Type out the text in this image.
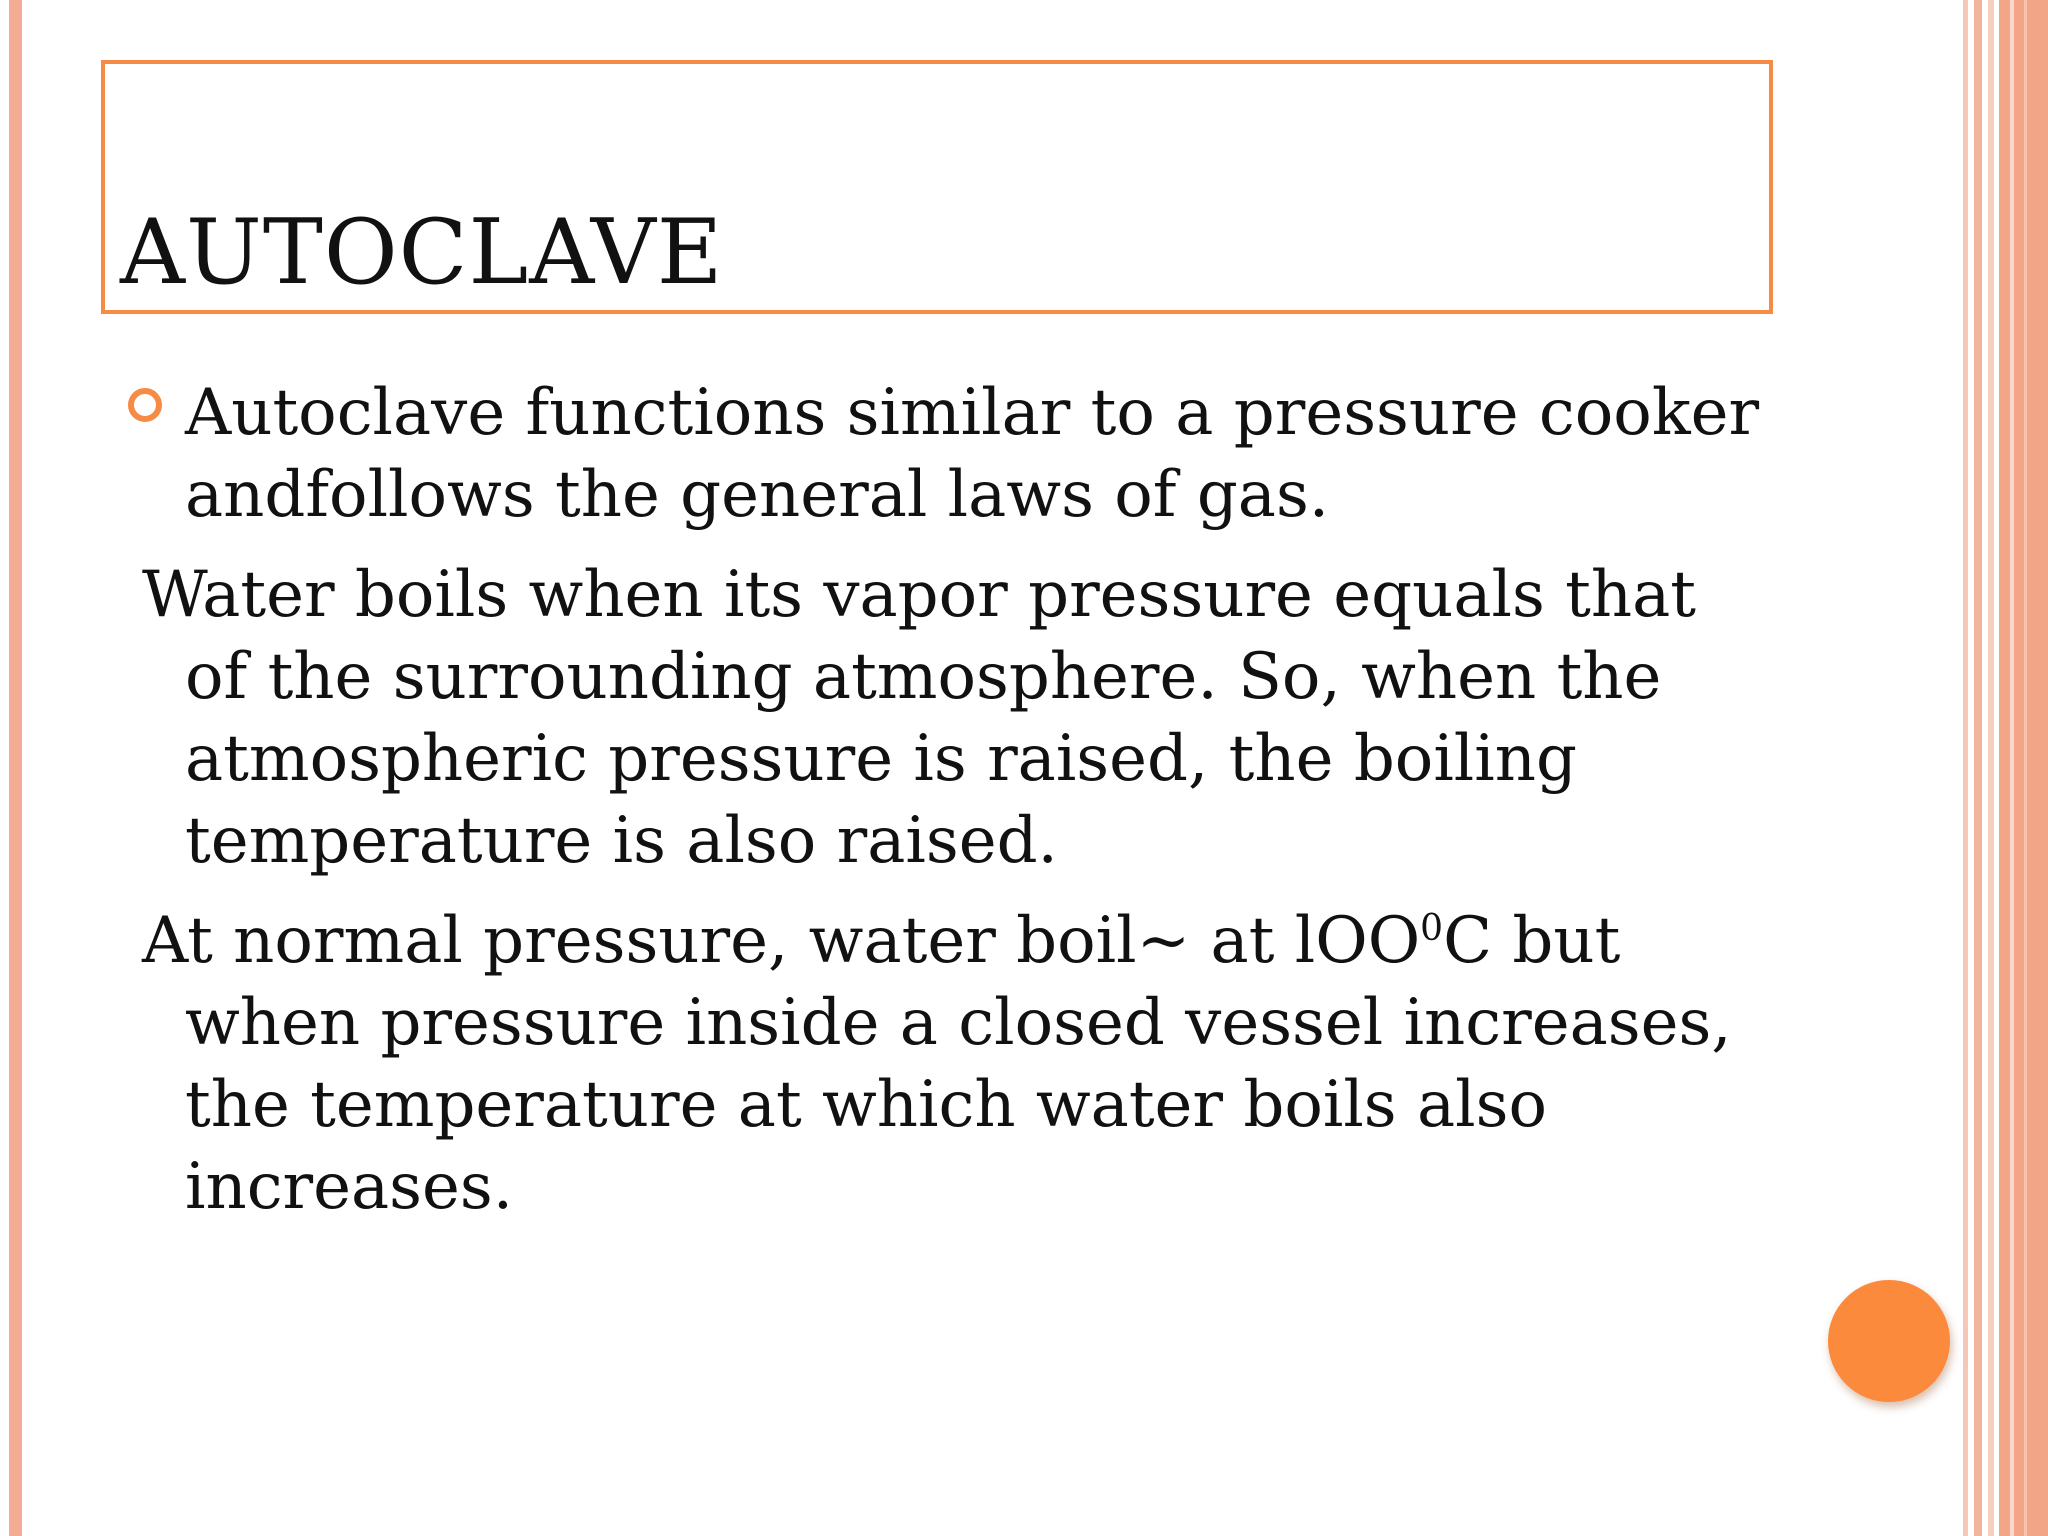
AUTOCLAVE

Autoclave functions similar to a pressure cooker andfollows the general laws of gas.

Water boils when its vapor pressure equals that of the surrounding atmosphere. So, when the atmospheric pressure is raised, the boiling temperature is also raised.

At normal pressure, water boil~ at lOO$^0$C but when pressure inside a closed vessel increases, the temperature at which water boils also increases.
